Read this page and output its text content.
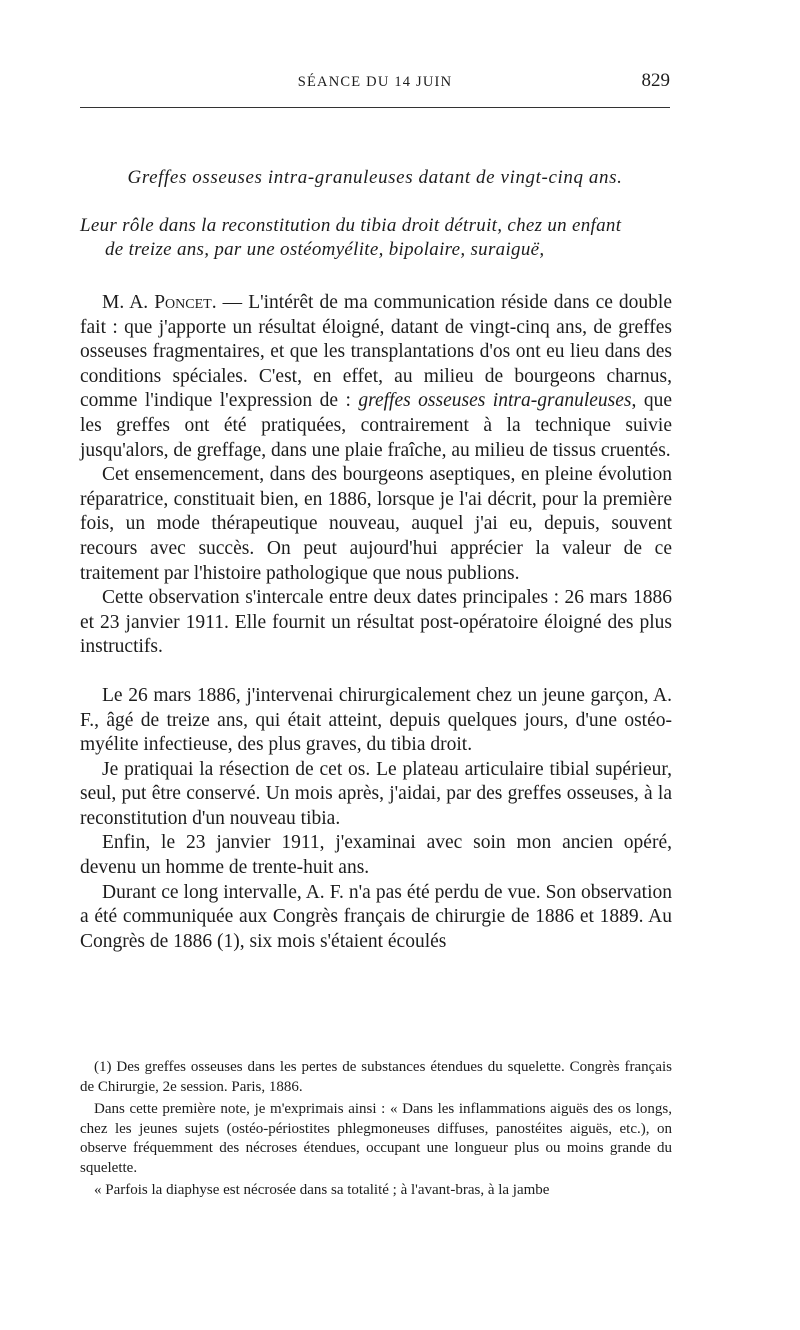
SÉANCE DU 14 JUIN	829
Greffes osseuses intra-granuleuses datant de vingt-cinq ans.
Leur rôle dans la reconstitution du tibia droit détruit, chez un enfant
de treize ans, par une ostéomyélite, bipolaire, suraiguë,

M. A. Poncet. — L'intérêt de ma communication réside dans ce double fait : que j'apporte un résultat éloigné, datant de vingt-cinq ans, de greffes osseuses fragmentaires, et que les transplantations d'os ont eu lieu dans des conditions spéciales. C'est, en effet, au milieu de bourgeons charnus, comme l'indique l'expression de : greffes osseuses intra-granuleuses, que les greffes ont été pratiquées, contrairement à la technique suivie jusqu'alors, de greffage, dans une plaie fraîche, au milieu de tissus cruentés.

Cet ensemencement, dans des bourgeons aseptiques, en pleine évolution réparatrice, constituait bien, en 1886, lorsque je l'ai décrit, pour la première fois, un mode thérapeutique nouveau, auquel j'ai eu, depuis, souvent recours avec succès. On peut aujourd'hui apprécier la valeur de ce traitement par l'histoire pathologique que nous publions.

Cette observation s'intercale entre deux dates principales : 26 mars 1886 et 23 janvier 1911. Elle fournit un résultat post-opératoire éloigné des plus instructifs.

Le 26 mars 1886, j'intervenai chirurgicalement chez un jeune garçon, A. F., âgé de treize ans, qui était atteint, depuis quelques jours, d'une ostéo-myélite infectieuse, des plus graves, du tibia droit.

Je pratiquai la résection de cet os. Le plateau articulaire tibial supérieur, seul, put être conservé. Un mois après, j'aidai, par des greffes osseuses, à la reconstitution d'un nouveau tibia.

Enfin, le 23 janvier 1911, j'examinai avec soin mon ancien opéré, devenu un homme de trente-huit ans.

Durant ce long intervalle, A. F. n'a pas été perdu de vue. Son observation a été communiquée aux Congrès français de chirurgie de 1886 et 1889. Au Congrès de 1886 (1), six mois s'étaient écoulés

(1) Des greffes osseuses dans les pertes de substances étendues du squelette. Congrès français de Chirurgie, 2e session. Paris, 1886.

Dans cette première note, je m'exprimais ainsi : « Dans les inflammations aiguës des os longs, chez les jeunes sujets (ostéo-périostites phlegmoneuses diffuses, panostéites aiguës, etc.), on observe fréquemment des nécroses étendues, occupant une longueur plus ou moins grande du squelette.

« Parfois la diaphyse est nécrosée dans sa totalité ; à l'avant-bras, à la jambe
